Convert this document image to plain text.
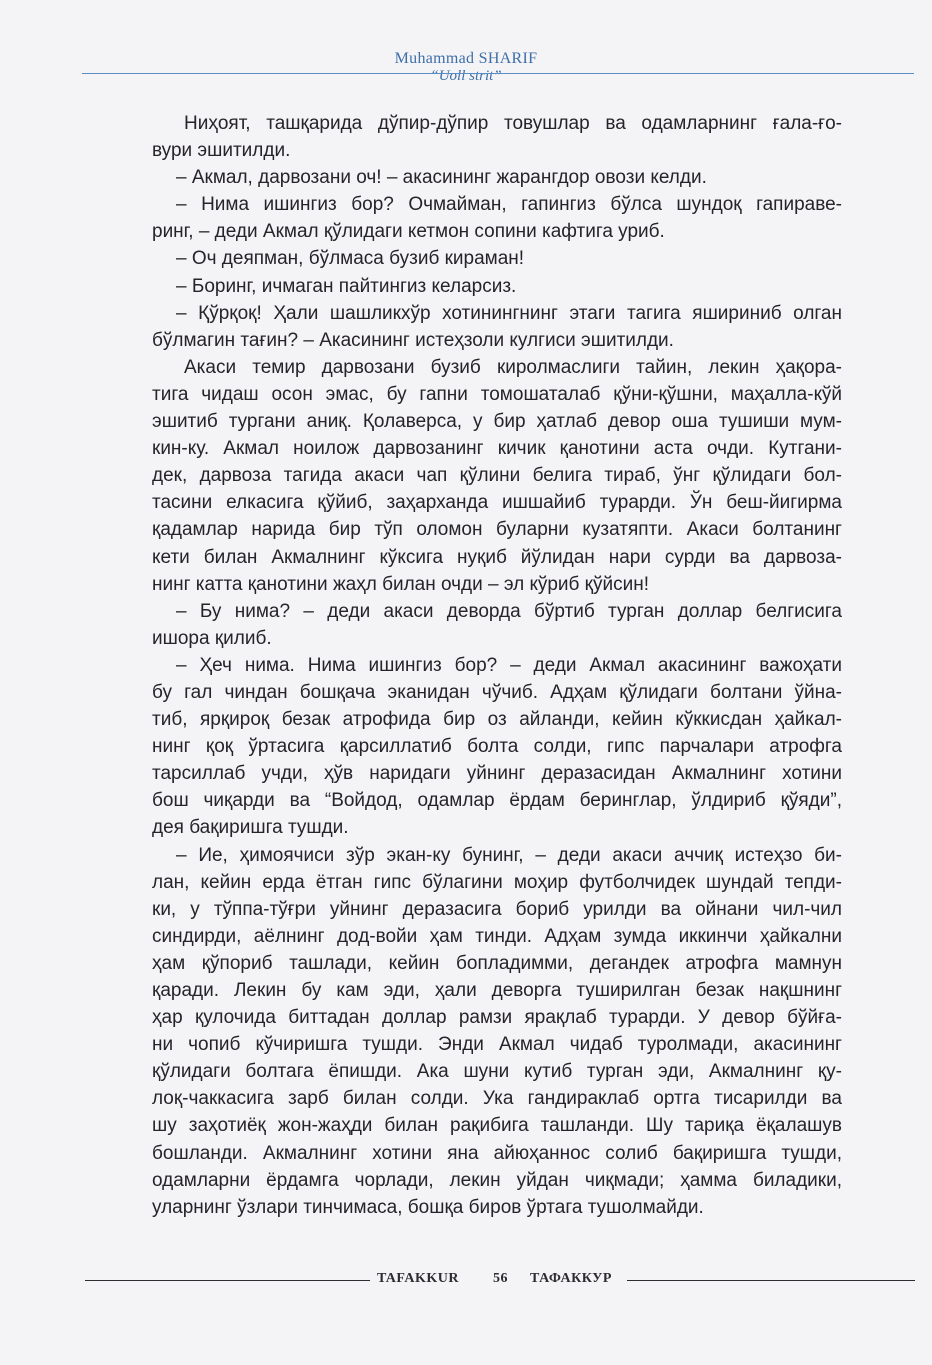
Muhammad SHARIF
“Uoll strit”

Ниҳоят, ташқарида дўпир-дўпир товушлар ва одамларнинг ғала-ғо-
вури эшитилди.

– Акмал, дарвозани оч! – акасининг жарангдор овози келди.

– Нима ишингиз бор? Очмайман, гапингиз бўлса шундоқ гапираве-
ринг, – деди Акмал қўлидаги кетмон сопини кафтига уриб.

– Оч деяпман, бўлмаса бузиб кираман!

– Боринг, ичмаган пайтингиз келарсиз.

– Қўрқоқ! Ҳали шашликхўр хотинингнинг этаги тагига яшириниб олган
бўлмагин тағин? – Акасининг истеҳзоли кулгиси эшитилди.

Акаси темир дарвозани бузиб киролмаслиги тайин, лекин ҳақора-
тига чидаш осон эмас, бу гапни томошаталаб қўни-қўшни, маҳалла-кўй
эшитиб тургани аниқ. Қолаверса, у бир ҳатлаб девор оша тушиши мум-
кин-ку. Акмал ноилож дарвозанинг кичик қанотини аста очди. Кутгани-
дек, дарвоза тагида акаси чап қўлини белига тираб, ўнг қўлидаги бол-
тасини елкасига қўйиб, заҳарханда ишшайиб турарди. Ўн беш-йигирма
қадамлар нарида бир тўп оломон буларни кузатяпти. Акаси болтанинг
кети билан Акмалнинг кўксига нуқиб йўлидан нари сурди ва дарвоза-
нинг катта қанотини жаҳл билан очди – эл кўриб қўйсин!

– Бу нима? – деди акаси деворда бўртиб турган доллар белгисига
ишора қилиб.

– Ҳеч нима. Нима ишингиз бор? – деди Акмал акасининг важоҳати
бу гал чиндан бошқача эканидан чўчиб. Адҳам қўлидаги болтани ўйна-
тиб, ярқироқ безак атрофида бир оз айланди, кейин кўккисдан ҳайкал-
нинг қоқ ўртасига қарсиллатиб болта солди, гипс парчалари атрофга
тарсиллаб учди, ҳўв наридаги уйнинг деразасидан Акмалнинг хотини
бош чиқарди ва “Войдод, одамлар ёрдам беринглар, ўлдириб қўяди”,
дея бақиришга тушди.

– Ие, ҳимоячиси зўр экан-ку бунинг, – деди акаси аччиқ истеҳзо би-
лан, кейин ерда ётган гипс бўлагини моҳир футболчидек шундай тепди-
ки, у тўппа-тўғри уйнинг деразасига бориб урилди ва ойнани чил-чил
синдирди, аёлнинг дод-войи ҳам тинди. Адҳам зумда иккинчи ҳайкални
ҳам қўпориб ташлади, кейин бопладимми, дегандек атрофга мамнун
қаради. Лекин бу кам эди, ҳали деворга туширилган безак нақшнинг
ҳар қулочида биттадан доллар рамзи ярақлаб турарди. У девор бўйға-
ни чопиб кўчиришга тушди. Энди Акмал чидаб туролмади, акасининг
қўлидаги болтага ёпишди. Ака шуни кутиб турган эди, Акмалнинг қу-
лоқ-чаккасига зарб билан солди. Ука гандираклаб ортга тисарилди ва
шу заҳотиёқ жон-жаҳди билан рақибига ташланди. Шу тариқа ёқалашув
бошланди. Акмалнинг хотини яна айюҳаннос солиб бақиришга тушди,
одамларни ёрдамга чорлади, лекин уйдан чиқмади; ҳамма биладики,
уларнинг ўзлари тинчимаса, бошқа биров ўртага тушолмайди.

TAFAKKUR 56 ТАФАККУР
